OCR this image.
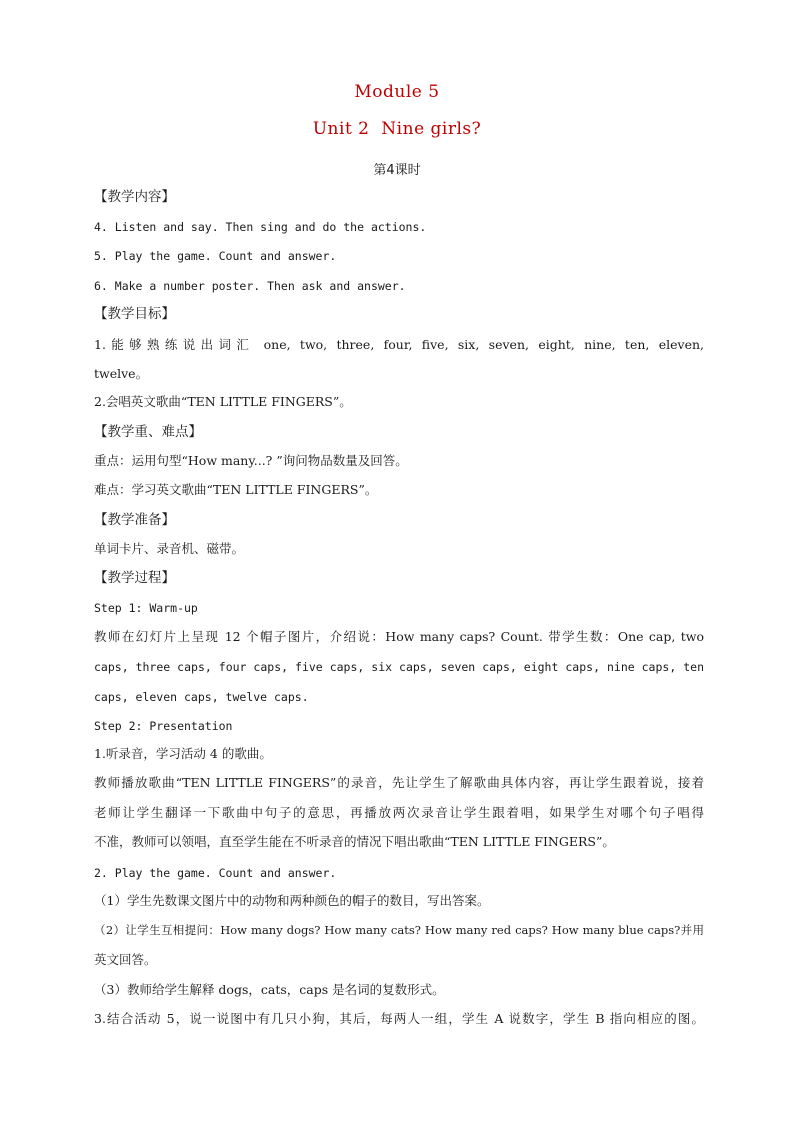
Module 5
Unit 2  Nine girls?
第4课时
【教学内容】
4. Listen and say. Then sing and do the actions.
5. Play the game. Count and answer.
6. Make a number poster. Then ask and answer.
【教学目标】
1.能够熟练说出词汇 one, two, three, four, five, six, seven, eight, nine, ten, eleven,
twelve。
2.会唱英文歌曲“TEN LITTLE FINGERS”。
【教学重、难点】
重点：运用句型“How many...? ”询问物品数量及回答。
难点：学习英文歌曲“TEN LITTLE FINGERS”。
【教学准备】
单词卡片、录音机、磁带。
【教学过程】
Step 1: Warm-up
教师在幻灯片上呈现 12 个帽子图片，介绍说：How many caps? Count. 带学生数：One cap, two
caps, three caps, four caps, five caps, six caps, seven caps, eight caps, nine caps, ten
caps, eleven caps, twelve caps.
Step 2: Presentation
1.听录音，学习活动 4 的歌曲。
教师播放歌曲“TEN LITTLE FINGERS”的录音，先让学生了解歌曲具体内容，再让学生跟着说，接着
老师让学生翻译一下歌曲中句子的意思，再播放两次录音让学生跟着唱，如果学生对哪个句子唱得
不准，教师可以领唱，直至学生能在不听录音的情况下唱出歌曲“TEN LITTLE FINGERS”。
2. Play the game. Count and answer.
（1）学生先数课文图片中的动物和两种颜色的帽子的数目，写出答案。
（2）让学生互相提问：How many dogs? How many cats? How many red caps? How many blue caps?并用
英文回答。
（3）教师给学生解释 dogs，cats，caps 是名词的复数形式。
3.结合活动 5，说一说图中有几只小狗，其后，每两人一组，学生 A 说数字，学生 B 指向相应的图。
